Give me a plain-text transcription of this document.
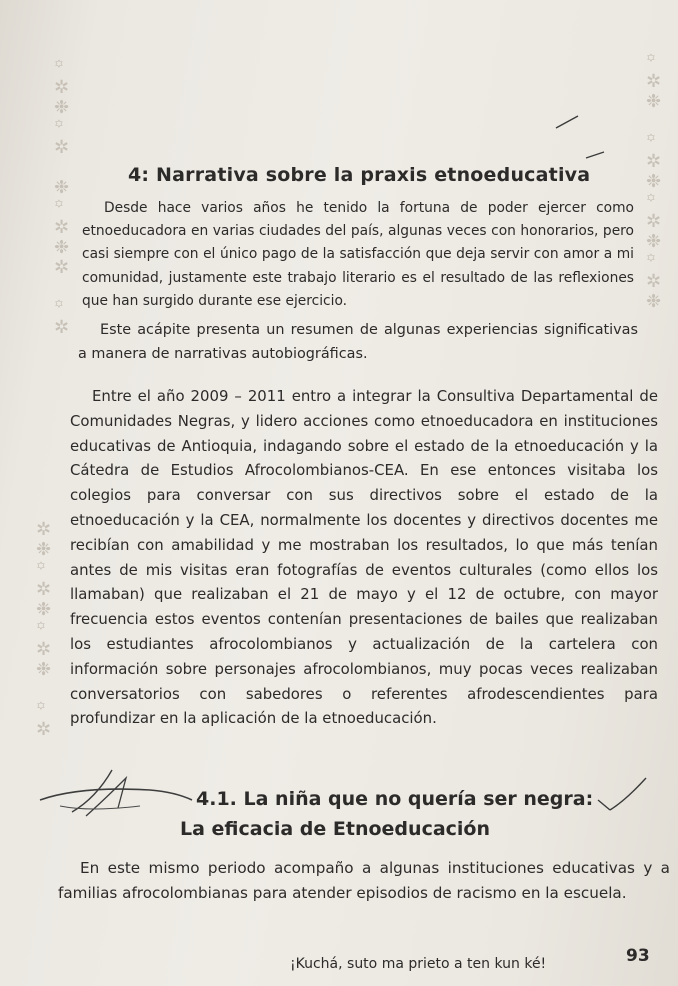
꙳
✲
❉
꙳
✲

❉
꙳
✲
❉
✲

꙳
✲
✲
❉
꙳
✲
❉
꙳
✲
❉

꙳
✲
꙳
✲
❉

꙳
✲
❉
꙳
✲
❉
꙳
✲
❉
4: Narrativa sobre la praxis etnoeducativa
Desde hace varios años he tenido la fortuna de poder ejercer como etnoeducadora en varias ciudades del país, algunas veces con honorarios, pero casi siempre con el único pago de la satisfacción que deja servir con amor a mi comunidad, justamente este trabajo literario es el resultado de las reflexiones que han surgido durante ese ejercicio.
Este acápite presenta un resumen de algunas experiencias significativas a manera de narrativas autobiográficas.
Entre el año 2009 – 2011 entro a integrar la Consultiva Departamental de Comunidades Negras, y lidero acciones como etnoeducadora en instituciones educativas de Antioquia, indagando sobre el estado de la etnoeducación y la Cátedra de Estudios Afrocolombianos-CEA. En ese entonces visitaba los colegios para conversar con sus directivos sobre el estado de la etnoeducación y la CEA, normalmente los docentes y directivos docentes me recibían con amabilidad y me mostraban los resultados, lo que más tenían antes de mis visitas eran fotografías de eventos culturales (como ellos los llamaban) que realizaban el 21 de mayo y el 12 de octubre, con mayor frecuencia estos eventos contenían presentaciones de bailes que realizaban los estudiantes afrocolombianos y actualización de la cartelera con información sobre personajes afrocolombianos, muy pocas veces realizaban conversatorios con sabedores o referentes afrodescendientes para profundizar en la aplicación de la etnoeducación.
4.1. La niña que no quería ser negra:
La eficacia de Etnoeducación
En este mismo periodo acompaño a algunas instituciones educativas y a familias afrocolombianas para atender episodios de racismo en la escuela.
¡Kuchá, suto ma prieto a ten kun ké!	93
